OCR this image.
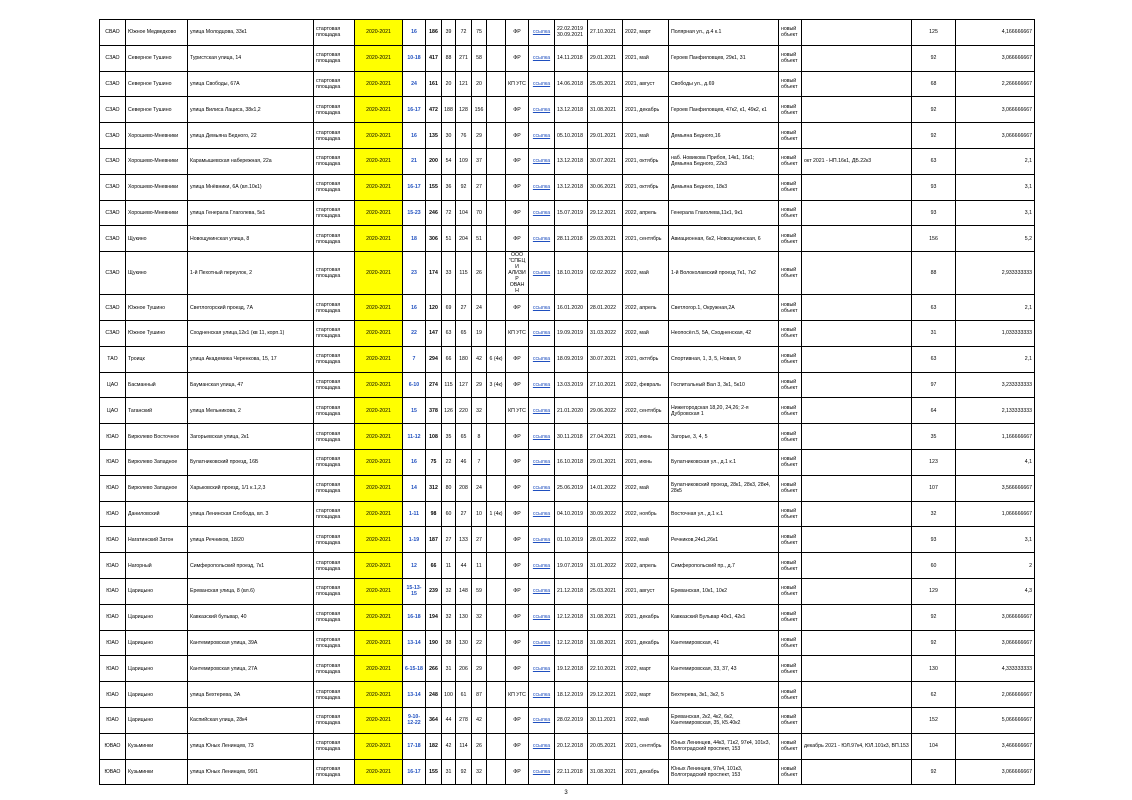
СВАО	Южное Медведково	улица Молодцова, 33к1	стартовая площадка	2020-2021	16	186	39	72	75		ФР	ссылка	22.02.2019 30.09.2021	27.10.2021	2022, март	Полярная ул., д.4 к.1	новый объект		125	4,166666667
СЗАО	Северное Тушино	Туристская улица, 14	стартовая площадка	2020-2021	10-18	417	88	271	58		ФР	ссылка	14.11.2018	29.01.2021	2021, май	Героев Панфиловцев, 29к1, 31	новый объект		92	3,066666667
СЗАО	Северное Тушино	улица Свободы, 67А	стартовая площадка	2020-2021	24	161	20	121	20		КП УГС	ссылка	14.06.2018	25.05.2021	2021, август	Свободы ул., д.69	новый объект		68	2,266666667
СЗАО	Северное Тушино	улица Вилиса Лациса, 38к1,2	стартовая площадка	2020-2021	16-17	472	188	128	156		ФР	ссылка	13.12.2018	31.08.2021	2021, декабрь	Героев Панфиловцев, 47к2, к1, 49к2, к1	новый объект		92	3,066666667
СЗАО	Хорошево-Мневники	улица Демьяна Бедного, 22	стартовая площадка	2020-2021	16	135	30	76	29		ФР	ссылка	05.10.2018	29.01.2021	2021, май	Демьяна Бедного,16	новый объект		92	3,066666667
СЗАО	Хорошево-Мневники	Карамышевская набережная, 22а	стартовая площадка	2020-2021	21	200	54	109	37		ФР	ссылка	13.12.2018	30.07.2021	2021, октябрь	наб. Новикова Прибоя, 14к1, 16к1; Демьяна Бедного, 22к3	новый объект	окт 2021 - НП.16к1, ДБ.22к3	63	2,1
СЗАО	Хорошево-Мневники	улица Мнёвники, 6А (вл.10к1)	стартовая площадка	2020-2021	16-17	155	36	92	27		ФР	ссылка	13.12.2018	30.06.2021	2021, октябрь	Демьяна Бедного, 18к3	новый объект		93	3,1
СЗАО	Хорошево-Мневники	улица Генерала Глаголева, 5к1	стартовая площадка	2020-2021	15-23	246	72	104	70		ФР	ссылка	15.07.2019	29.12.2021	2022, апрель	Генерала Глаголева,11к1, 9к1	новый объект		93	3,1
СЗАО	Щукино	Новощукинская улица, 8	стартовая площадка	2020-2021	18	306	51	204	51		ФР	ссылка	28.11.2018	29.03.2021	2021, сентябрь	Авиационная, 6к2, Новощукинская, 6	новый объект		156	5,2
СЗАО	Щукино	1-й Пехотный переулок, 2	стартовая площадка	2020-2021	23	174	33	115	26		ООО "СПЕЦИ АЛИЗИР ОВАНН	ссылка	18.10.2019	02.02.2022	2022, май	1-й Волоколамский проезд 7к1, 7к2	новый объект		88	2,933333333
СЗАО	Южное Тушино	Светлогорский проезд, 7А	стартовая площадка	2020-2021	16	120	69	27	24		ФР	ссылка	16.01.2020	28.01.2022	2022, апрель	Светлогор.1, Окружная,2А	новый объект		63	2,1
СЗАО	Южное Тушино	Сходненская улица,12к1 (кв 11, корп.1)	стартовая площадка	2020-2021	22	147	63	65	19		КП УГС	ссылка	19.09.2019	31.03.2022	2022, май	Неопосёл.5, 5А, Сходненская, 42	новый объект		31	1,033333333
ТАО	Троицк	улица Академика Черенкова, 15, 17	стартовая площадка	2020-2021	7	294	66	180	42	6 (4к)	ФР	ссылка	18.09.2019	30.07.2021	2021, октябрь	Спортивная, 1, 3, 5, Новая, 9	новый объект		63	2,1
ЦАО	Басманный	Бауманская улица, 47	стартовая площадка	2020-2021	6-10	274	115	127	29	3 (4к)	ФР	ссылка	13.03.2019	27.10.2021	2022, февраль	Госпитальный Вал 3, 3к1, 5к10	новый объект		97	3,233333333
ЦАО	Таганский	улица Мельникова, 2	стартовая площадка	2020-2021	15	378	126	220	32		КП УГС	ссылка	21.01.2020	29.06.2022	2022, сентябрь	Нижегородская 18,20, 24,26; 2-я Дубровская 1	новый объект		64	2,133333333
ЮАО	Бирюлево Восточное	Загорьевская улица, 2к1	стартовая площадка	2020-2021	11-12	108	35	65	8		ФР	ссылка	30.11.2018	27.04.2021	2021, июнь	Загорье, 3, 4, 5	новый объект		35	1,166666667
ЮАО	Бирюлево Западное	Булатниковский проезд, 16Б	стартовая площадка	2020-2021	16	75	22	46	7		ФР	ссылка	16.10.2018	29.01.2021	2021, июнь	Булатниковская ул., д.1 к.1	новый объект		123	4,1
ЮАО	Бирюлево Западное	Харьковский проезд, 1/1 к.1,2,3	стартовая площадка	2020-2021	14	312	80	208	24		ФР	ссылка	25.06.2019	14.01.2022	2022, май	Булатниковский проезд, 28к1, 28к3, 28к4, 28к5	новый объект		107	3,566666667
ЮАО	Даниловский	улица Ленинская Слобода, вл. 3	стартовая площадка	2020-2021	1-11	98	60	27	10	1 (4к)	ФР	ссылка	04.10.2019	30.09.2022	2022, ноябрь	Восточная ул., д.1 к.1	новый объект		32	1,066666667
ЮАО	Нагатинский Затон	улица Речников, 18/20	стартовая площадка	2020-2021	1-19	187	27	133	27		ФР	ссылка	01.10.2019	28.01.2022	2022, май	Речников,24к1,26к1	новый объект		93	3,1
ЮАО	Нагорный	Симферопольский проезд, 7к1	стартовая площадка	2020-2021	12	66	11	44	11		ФР	ссылка	19.07.2019	31.01.2022	2022, апрель	Симферопольский пр., д.7	новый объект		60	2
ЮАО	Царицыно	Ереванская улица, 8 (вл.6)	стартовая площадка	2020-2021	15-13-15	239	32	148	59		ФР	ссылка	21.12.2018	25.03.2021	2021, август	Ереванская, 10к1, 10к2	новый объект		129	4,3
ЮАО	Царицыно	Кавказский бульвар, 40	стартовая площадка	2020-2021	16-18	194	32	130	32		ФР	ссылка	12.12.2018	31.08.2021	2021, декабрь	Кавказский Бульвар 40к1, 42к1	новый объект		92	3,066666667
ЮАО	Царицыно	Кантемировская улица, 39А	стартовая площадка	2020-2021	13-14	190	38	130	22		ФР	ссылка	12.12.2018	31.08.2021	2021, декабрь	Кантемировская, 41	новый объект		92	3,066666667
ЮАО	Царицыно	Кантемировская улица, 27А	стартовая площадка	2020-2021	6-15-18	266	31	206	29		ФР	ссылка	19.12.2018	22.10.2021	2022, март	Кантемировская, 33, 37, 43	новый объект		130	4,333333333
ЮАО	Царицыно	улица Бехтерева, 3А	стартовая площадка	2020-2021	13-14	248	100	61	87		КП УГС	ссылка	18.12.2019	29.12.2021	2022, март	Бехтерева, 3к1, 3к2, 5	новый объект		62	2,066666667
ЮАО	Царицыно	Каспийская улица, 28к4	стартовая площадка	2020-2021	9-10-12-22	364	44	278	42		ФР	ссылка	28.02.2019	30.11.2021	2022, май	Ереванская, 2к2, 4к2, 6к2, Кантемировская, 35, К5.40к2	новый объект		152	5,066666667
ЮВАО	Кузьминки	улица Юных Ленинцев, 73	стартовая площадка	2020-2021	17-18	182	42	114	26		ФР	ссылка	20.12.2018	20.05.2021	2021, сентябрь	Юных Ленинцев, 44к3, 71к2, 97к4, 101к3, Волгоградский проспект, 153	новый объект	декабрь 2021 - ЮЛ.97к4, ЮЛ.101к3, ВП.153	104	3,466666667
ЮВАО	Кузьминки	улица Юных Ленинцев, 99/1	стартовая площадка	2020-2021	16-17	155	31	92	32		ФР	ссылка	22.11.2018	31.08.2021	2021, декабрь	Юных Ленинцев, 97к4, 101к3, Волгоградский проспект, 153	новый объект		92	3,066666667
3
